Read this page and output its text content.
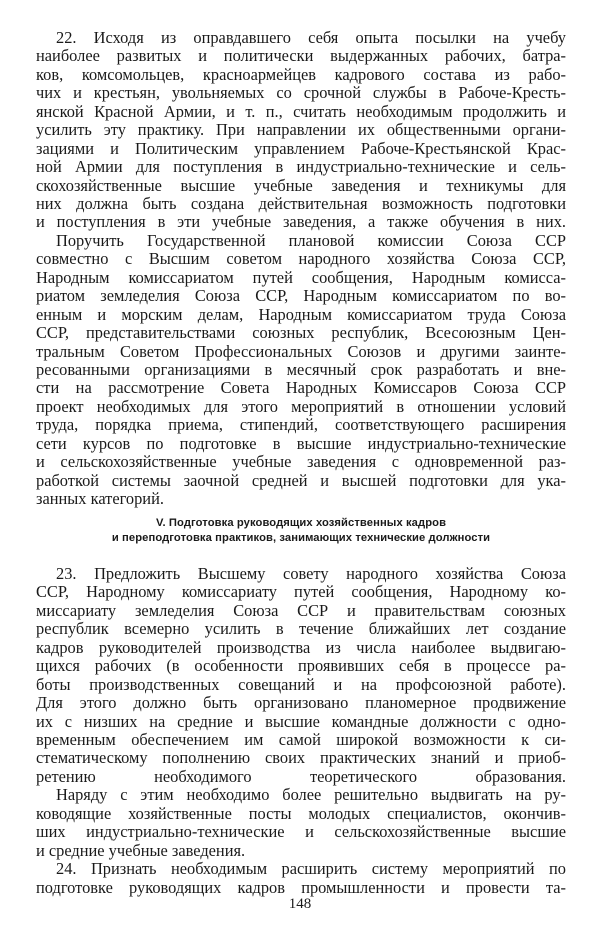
22. Исходя из оправдавшего себя опыта посылки на учебу
наиболее развитых и политически выдержанных рабочих, батра-
ков, комсомольцев, красноармейцев кадрового состава из рабо-
чих и крестьян, увольняемых со срочной службы в Рабоче-Кресть-
янской Красной Армии, и т. п., считать необходимым продолжить и
усилить эту практику. При направлении их общественными органи-
зациями и Политическим управлением Рабоче-Крестьянской Крас-
ной Армии для поступления в индустриально-технические и сель-
скохозяйственные высшие учебные заведения и техникумы для
них должна быть создана действительная возможность подготовки
и поступления в эти учебные заведения, а также обучения в них.
Поручить Государственной плановой комиссии Союза ССР
совместно с Высшим советом народного хозяйства Союза ССР,
Народным комиссариатом путей сообщения, Народным комисса-
риатом земледелия Союза ССР, Народным комиссариатом по во-
енным и морским делам, Народным комиссариатом труда Союза
ССР, представительствами союзных республик, Всесоюзным Цен-
тральным Советом Профессиональных Союзов и другими заинте-
ресованными организациями в месячный срок разработать и вне-
сти на рассмотрение Совета Народных Комиссаров Союза ССР
проект необходимых для этого мероприятий в отношении условий
труда, порядка приема, стипендий, соответствующего расширения
сети курсов по подготовке в высшие индустриально-технические
и сельскохозяйственные учебные заведения с одновременной раз-
работкой системы заочной средней и высшей подготовки для ука-
занных категорий.
V. Подготовка руководящих хозяйственных кадров
и переподготовка практиков, занимающих технические должности
23. Предложить Высшему совету народного хозяйства Союза
ССР, Народному комиссариату путей сообщения, Народному ко-
миссариату земледелия Союза ССР и правительствам союзных
республик всемерно усилить в течение ближайших лет создание
кадров руководителей производства из числа наиболее выдвигаю-
щихся рабочих (в особенности проявивших себя в процессе ра-
боты производственных совещаний и на профсоюзной работе).
Для этого должно быть организовано планомерное продвижение
их с низших на средние и высшие командные должности с одно-
временным обеспечением им самой широкой возможности к си-
стематическому пополнению своих практических знаний и приоб-
ретению необходимого теоретического образования.
Наряду с этим необходимо более решительно выдвигать на ру-
ководящие хозяйственные посты молодых специалистов, окончив-
ших индустриально-технические и сельскохозяйственные высшие
и средние учебные заведения.
24. Признать необходимым расширить систему мероприятий по
подготовке руководящих кадров промышленности и провести та-
148
